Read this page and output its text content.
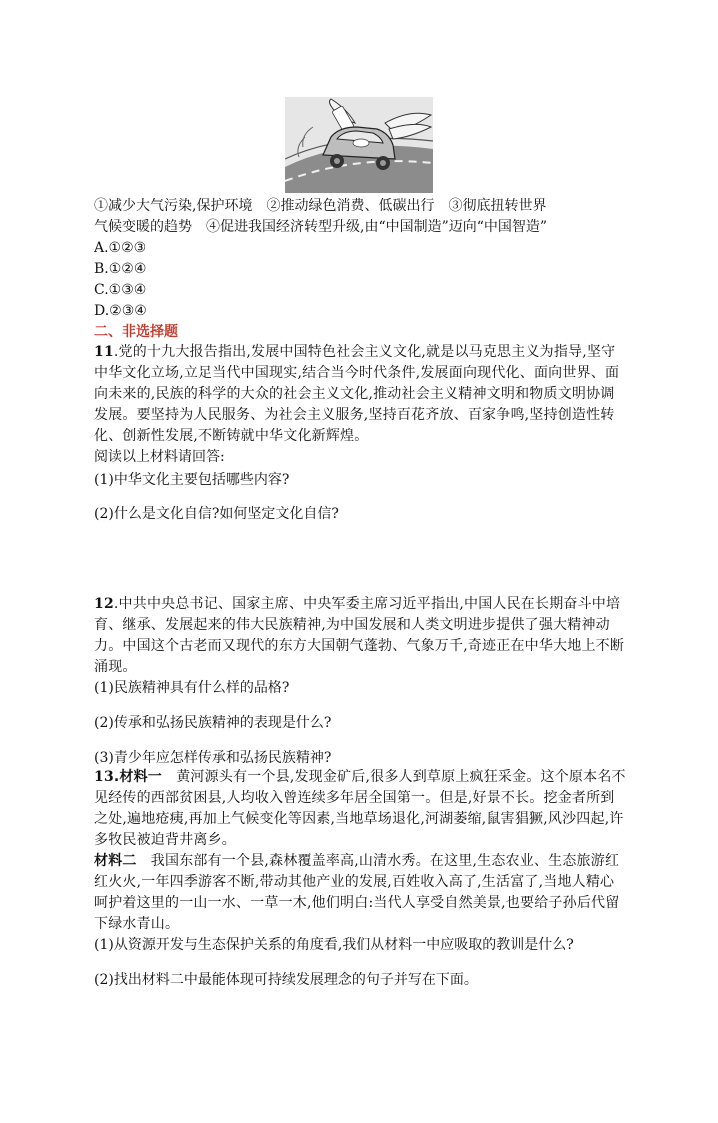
①减少大气污染,保护环境　②推动绿色消费、低碳出行　③彻底扭转世界

气候变暖的趋势　④促进我国经济转型升级,由“中国制造”迈向“中国智造”

A.①②③

B.①②④

C.①③④

D.②③④

二、非选择题

11.党的十九大报告指出,发展中国特色社会主义文化,就是以马克思主义为指导,坚守中华文化立场,立足当代中国现实,结合当今时代条件,发展面向现代化、面向世界、面向未来的,民族的科学的大众的社会主义文化,推动社会主义精神文明和物质文明协调发展。要坚持为人民服务、为社会主义服务,坚持百花齐放、百家争鸣,坚持创造性转化、创新性发展,不断铸就中华文化新辉煌。

阅读以上材料请回答:

(1)中华文化主要包括哪些内容?

(2)什么是文化自信?如何坚定文化自信?

12.中共中央总书记、国家主席、中央军委主席习近平指出,中国人民在长期奋斗中培育、继承、发展起来的伟大民族精神,为中国发展和人类文明进步提供了强大精神动力。中国这个古老而又现代的东方大国朝气蓬勃、气象万千,奇迹正在中华大地上不断涌现。

(1)民族精神具有什么样的品格?

(2)传承和弘扬民族精神的表现是什么?

(3)青少年应怎样传承和弘扬民族精神?

13.材料一　黄河源头有一个县,发现金矿后,很多人到草原上疯狂采金。这个原本名不见经传的西部贫困县,人均收入曾连续多年居全国第一。但是,好景不长。挖金者所到之处,遍地疮痍,再加上气候变化等因素,当地草场退化,河湖萎缩,鼠害猖獗,风沙四起,许多牧民被迫背井离乡。

材料二　我国东部有一个县,森林覆盖率高,山清水秀。在这里,生态农业、生态旅游红红火火,一年四季游客不断,带动其他产业的发展,百姓收入高了,生活富了,当地人精心呵护着这里的一山一水、一草一木,他们明白:当代人享受自然美景,也要给子孙后代留下绿水青山。

(1)从资源开发与生态保护关系的角度看,我们从材料一中应吸取的教训是什么?

(2)找出材料二中最能体现可持续发展理念的句子并写在下面。
